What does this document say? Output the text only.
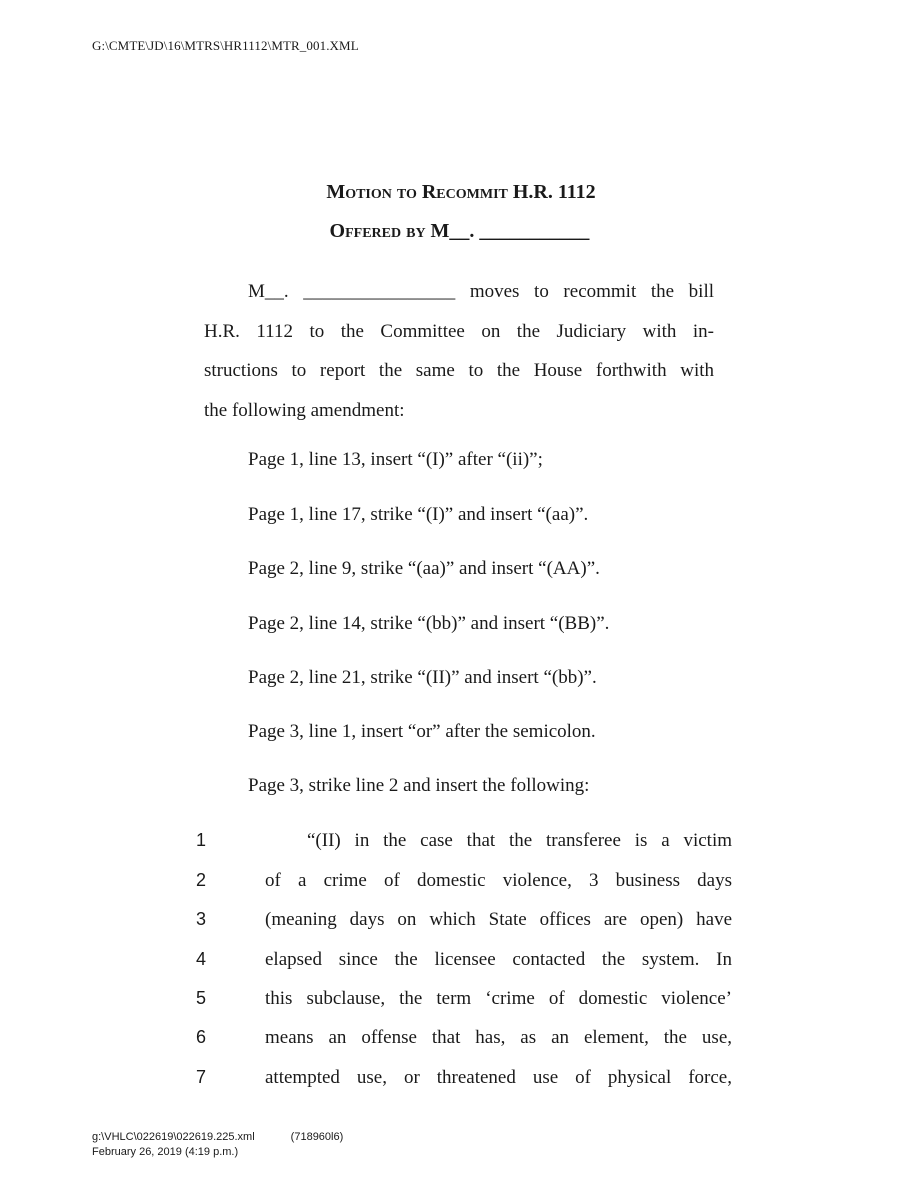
G:\CMTE\JD\16\MTRS\HR1112\MTR_001.XML
Motion to Recommit H.R. 1112
Offered by M__. ___________
M__. ________________ moves to recommit the bill
H.R. 1112 to the Committee on the Judiciary with in-
structions to report the same to the House forthwith with
the following amendment:
Page 1, line 13, insert “(I)” after “(ii)”;
Page 1, line 17, strike “(I)” and insert “(aa)”.
Page 2, line 9, strike “(aa)” and insert “(AA)”.
Page 2, line 14, strike “(bb)” and insert “(BB)”.
Page 2, line 21, strike “(II)” and insert “(bb)”.
Page 3, line 1, insert “or” after the semicolon.
Page 3, strike line 2 and insert the following:
1
2
3
4
5
6
7
“(II) in the case that the transferee is a victim
of a crime of domestic violence, 3 business days
(meaning days on which State offices are open) have
elapsed since the licensee contacted the system. In
this subclause, the term ‘crime of domestic violence’
means an offense that has, as an element, the use,
attempted use, or threatened use of physical force,
g:\VHLC\022619\022619.225.xml	(718960l6)
February 26, 2019 (4:19 p.m.)
